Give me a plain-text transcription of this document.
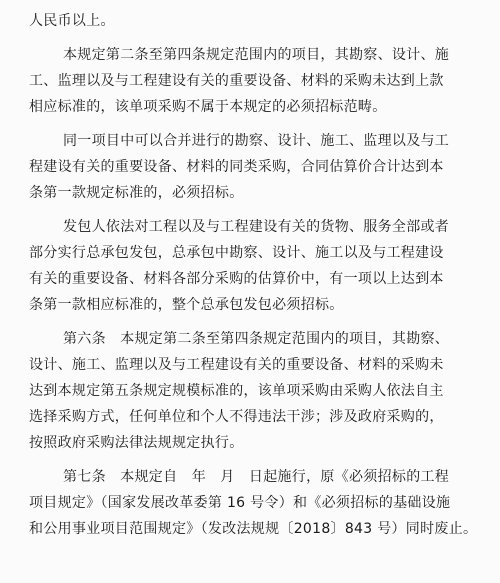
人民币以上。

本规定第二条至第四条规定范围内的项目，其勘察、设计、施
工、监理以及与工程建设有关的重要设备、材料的采购未达到上款
相应标准的，该单项采购不属于本规定的必须招标范畴。

同一项目中可以合并进行的勘察、设计、施工、监理以及与工
程建设有关的重要设备、材料的同类采购，合同估算价合计达到本
条第一款规定标准的，必须招标。

发包人依法对工程以及与工程建设有关的货物、服务全部或者
部分实行总承包发包，总承包中勘察、设计、施工以及与工程建设
有关的重要设备、材料各部分采购的估算价中，有一项以上达到本
条第一款相应标准的，整个总承包发包必须招标。

第六条　本规定第二条至第四条规定范围内的项目，其勘察、
设计、施工、监理以及与工程建设有关的重要设备、材料的采购未
达到本规定第五条规定规模标准的，该单项采购由采购人依法自主
选择采购方式，任何单位和个人不得违法干涉；涉及政府采购的，
按照政府采购法律法规规定执行。

第七条　本规定自　年　月　日起施行，原《必须招标的工程
项目规定》（国家发展改革委第 16 号令）和《必须招标的基础设施
和公用事业项目范围规定》（发改法规规〔2018〕843 号）同时废止。
